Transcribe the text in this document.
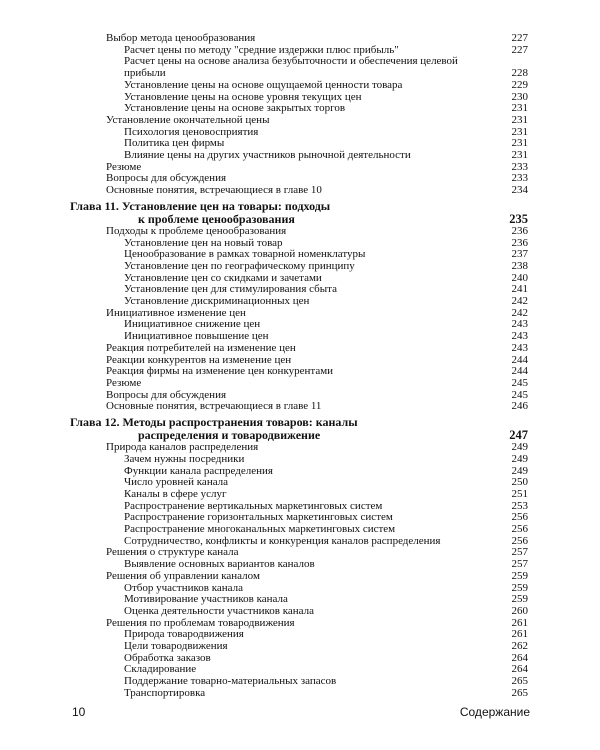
Выбор метода ценообразования	227
Расчет цены по методу "средние издержки плюс прибыль"	227
Расчет цены на основе анализа безубыточности и обеспечения целевой
прибыли	228
Установление цены на основе ощущаемой ценности товара	229
Установление цены на основе уровня текущих цен	230
Установление цены на основе закрытых торгов	231
Установление окончательной цены	231
Психология ценовосприятия	231
Политика цен фирмы	231
Влияние цены на других участников рыночной деятельности	231
Резюме	233
Вопросы для обсуждения	233
Основные понятия, встречающиеся в главе 10	234
Глава 11. Установление цен на товары: подходы
к проблеме ценообразования	235
Подходы к проблеме ценообразования	236
Установление цен на новый товар	236
Ценообразование в рамках товарной номенклатуры	237
Установление цен по географическому принципу	238
Установление цен со скидками и зачетами	240
Установление цен для стимулирования сбыта	241
Установление дискриминационных цен	242
Инициативное изменение цен	242
Инициативное снижение цен	243
Инициативное повышение цен	243
Реакция потребителей на изменение цен	243
Реакции конкурентов на изменение цен	244
Реакция фирмы на изменение цен конкурентами	244
Резюме	245
Вопросы для обсуждения	245
Основные понятия, встречающиеся в главе 11	246
Глава 12. Методы распространения товаров: каналы
распределения и товародвижение	247
Природа каналов распределения	249
Зачем нужны посредники	249
Функции канала распределения	249
Число уровней канала	250
Каналы в сфере услуг	251
Распространение вертикальных маркетинговых систем	253
Распространение горизонтальных маркетинговых систем	256
Распространение многоканальных маркетинговых систем	256
Сотрудничество, конфликты и конкуренция каналов распределения	256
Решения о структуре канала	257
Выявление основных вариантов каналов	257
Решения об управлении каналом	259
Отбор участников канала	259
Мотивирование участников канала	259
Оценка деятельности участников канала	260
Решения по проблемам товародвижения	261
Природа товародвижения	261
Цели товародвижения	262
Обработка заказов	264
Складирование	264
Поддержание товарно-материальных запасов	265
Транспортировка	265
10	Содержание
